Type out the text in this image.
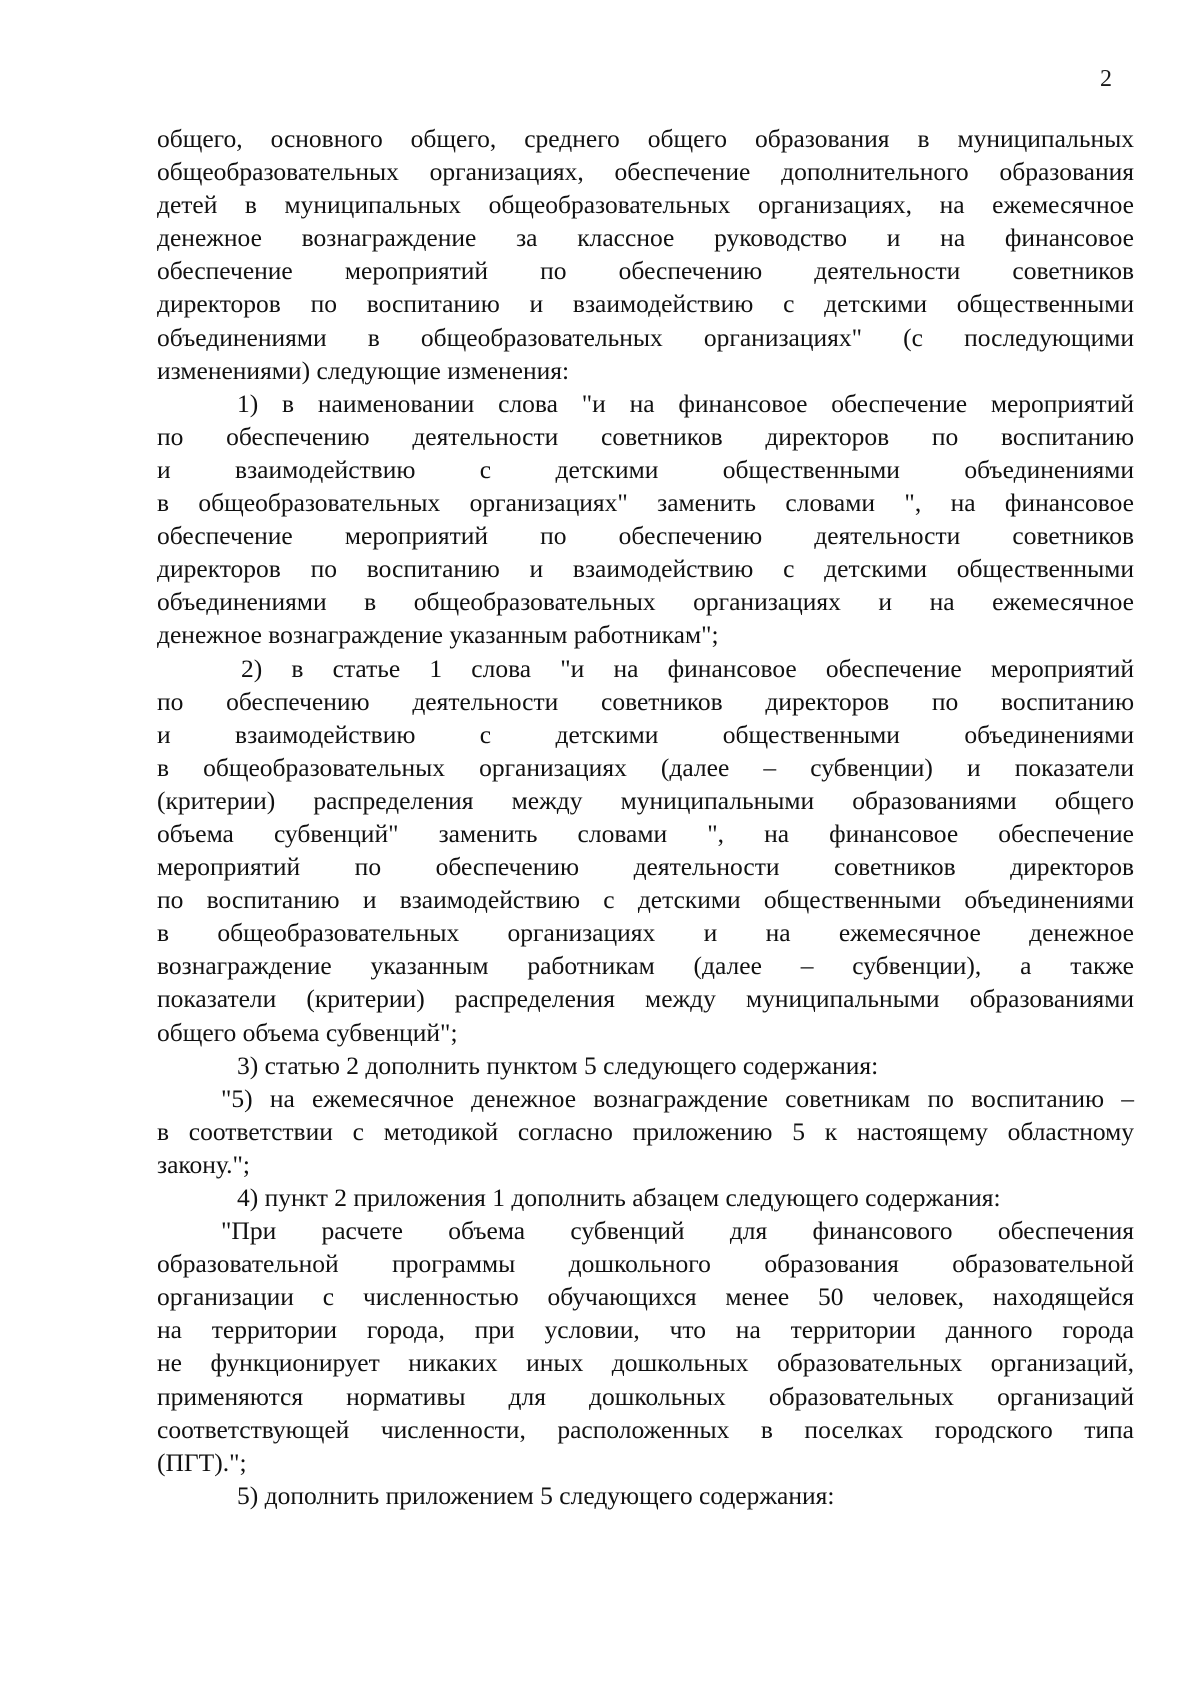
2
общего, основного общего, среднего общего образования в муниципальных
общеобразовательных организациях, обеспечение дополнительного образования
детей в муниципальных общеобразовательных организациях, на ежемесячное
денежное вознаграждение за классное руководство и на финансовое
обеспечение мероприятий по обеспечению деятельности советников
директоров по воспитанию и взаимодействию с детскими общественными
объединениями в общеобразовательных организациях" (с последующими
изменениями) следующие изменения:
1) в наименовании слова "и на финансовое обеспечение мероприятий
по обеспечению деятельности советников директоров по воспитанию
и взаимодействию с детскими общественными объединениями
в общеобразовательных организациях" заменить словами ", на финансовое
обеспечение мероприятий по обеспечению деятельности советников
директоров по воспитанию и взаимодействию с детскими общественными
объединениями в общеобразовательных организациях и на ежемесячное
денежное вознаграждение указанным работникам";
2) в статье 1 слова "и на финансовое обеспечение мероприятий
по обеспечению деятельности советников директоров по воспитанию
и взаимодействию с детскими общественными объединениями
в общеобразовательных организациях (далее – субвенции) и показатели
(критерии) распределения между муниципальными образованиями общего
объема субвенций" заменить словами ", на финансовое обеспечение
мероприятий по обеспечению деятельности советников директоров
по воспитанию и взаимодействию с детскими общественными объединениями
в общеобразовательных организациях и на ежемесячное денежное
вознаграждение указанным работникам (далее – субвенции), а также
показатели (критерии) распределения между муниципальными образованиями
общего объема субвенций";
3) статью 2 дополнить пунктом 5 следующего содержания:
"5) на ежемесячное денежное вознаграждение советникам по воспитанию –
в соответствии с методикой согласно приложению 5 к настоящему областному
закону.";
4) пункт 2 приложения 1 дополнить абзацем следующего содержания:
"При расчете объема субвенций для финансового обеспечения
образовательной программы дошкольного образования образовательной
организации с численностью обучающихся менее 50 человек, находящейся
на территории города, при условии, что на территории данного города
не функционирует никаких иных дошкольных образовательных организаций,
применяются нормативы для дошкольных образовательных организаций
соответствующей численности, расположенных в поселках городского типа
(ПГТ).";
5) дополнить приложением 5 следующего содержания:
